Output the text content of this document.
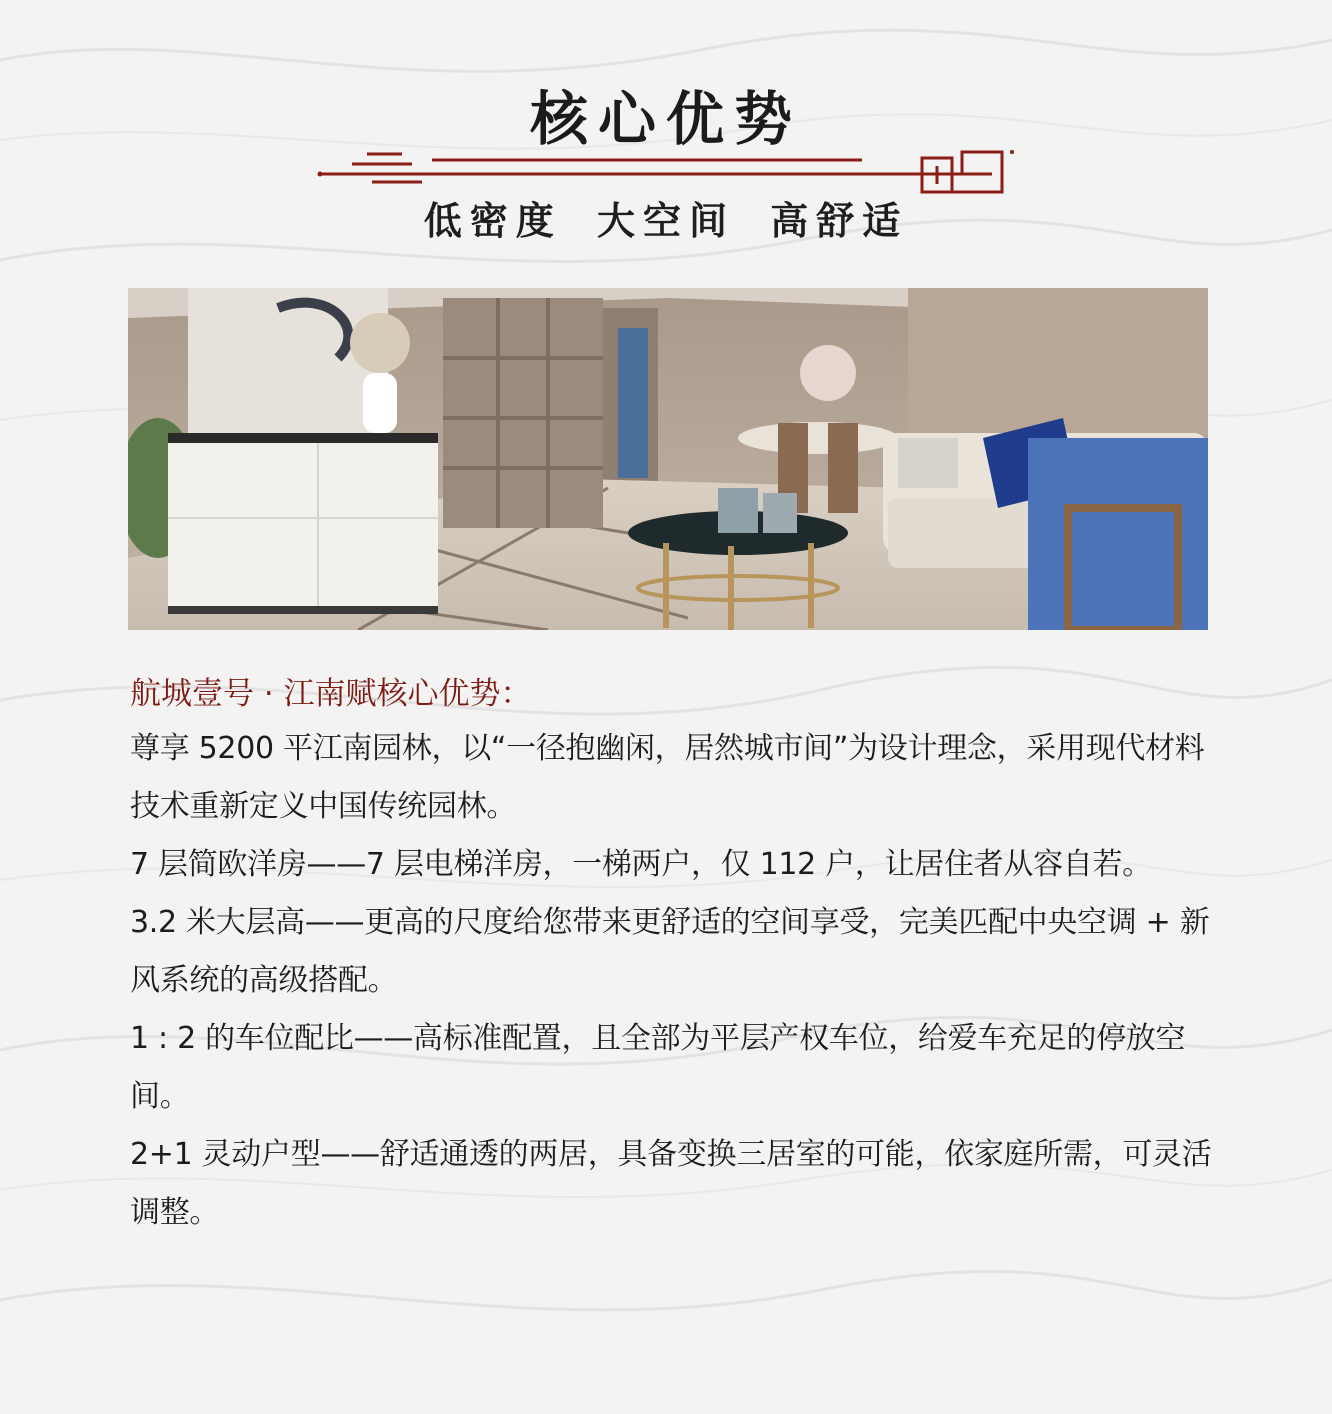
核心优势
低密度 大空间 高舒适

航城壹号 · 江南赋核心优势：

尊享 5200 平江南园林，以“一径抱幽闲，居然城市间”为设计理念，采用现代材料技术重新定义中国传统园林。

7 层简欧洋房——7 层电梯洋房，一梯两户，仅 112 户，让居住者从容自若。

3.2 米大层高——更高的尺度给您带来更舒适的空间享受，完美匹配中央空调 + 新风系统的高级搭配。

1 : 2 的车位配比——高标准配置，且全部为平层产权车位，给爱车充足的停放空间。

2+1 灵动户型——舒适通透的两居，具备变换三居室的可能，依家庭所需，可灵活调整。
